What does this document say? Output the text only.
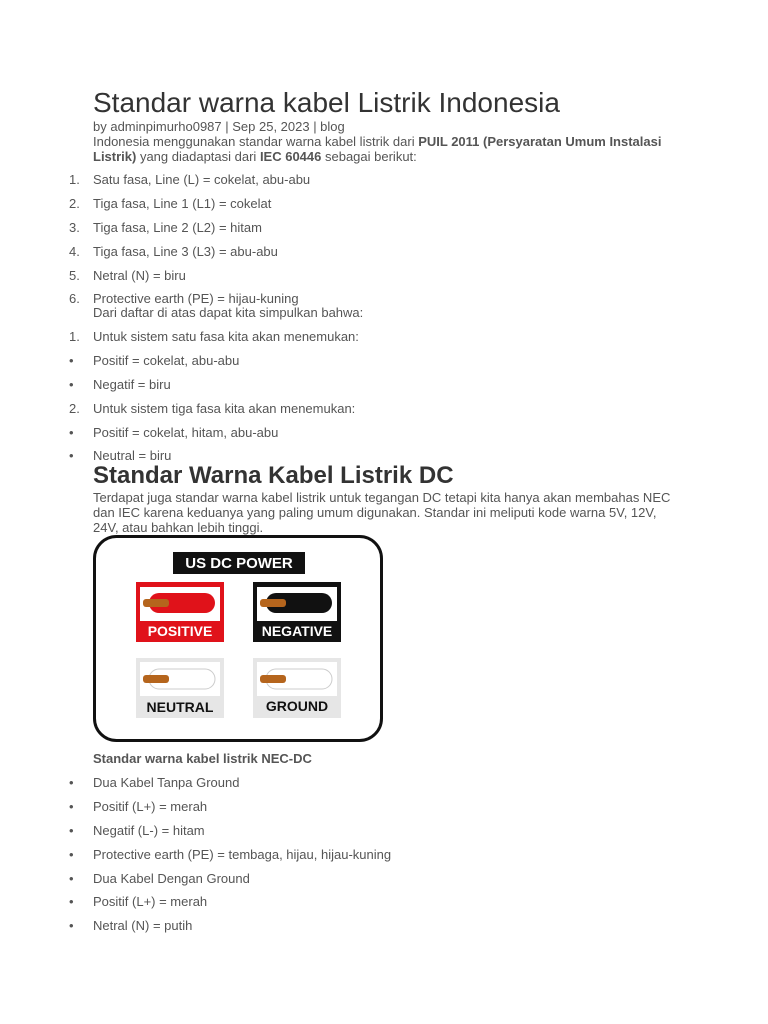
Standar warna kabel Listrik Indonesia
by adminpimurho0987 | Sep 25, 2023 | blog
Indonesia menggunakan standar warna kabel listrik dari PUIL 2011 (Persyaratan Umum Instalasi Listrik) yang diadaptasi dari IEC 60446 sebagai berikut:
1. Satu fasa, Line (L) = cokelat, abu-abu
2. Tiga fasa, Line 1 (L1) = cokelat
3. Tiga fasa, Line 2 (L2) = hitam
4. Tiga fasa, Line 3 (L3) = abu-abu
5. Netral (N) = biru
6. Protective earth (PE) = hijau-kuning
Dari daftar di atas dapat kita simpulkan bahwa:
1. Untuk sistem satu fasa kita akan menemukan:
• Positif = cokelat, abu-abu
• Negatif = biru
2. Untuk sistem tiga fasa kita akan menemukan:
• Positif = cokelat, hitam, abu-abu
• Neutral = biru
Standar Warna Kabel Listrik DC
Terdapat juga standar warna kabel listrik untuk tegangan DC tetapi kita hanya akan membahas NEC dan IEC karena keduanya yang paling umum digunakan. Standar ini meliputi kode warna 5V, 12V, 24V, atau bahkan lebih tinggi.
US DC POWER
POSITIVE	NEGATIVE
NEUTRAL	GROUND
Standar warna kabel listrik NEC-DC
• Dua Kabel Tanpa Ground
• Positif (L+) = merah
• Negatif (L-) = hitam
• Protective earth (PE) = tembaga, hijau, hijau-kuning
• Dua Kabel Dengan Ground
• Positif (L+) = merah
• Netral (N) = putih
